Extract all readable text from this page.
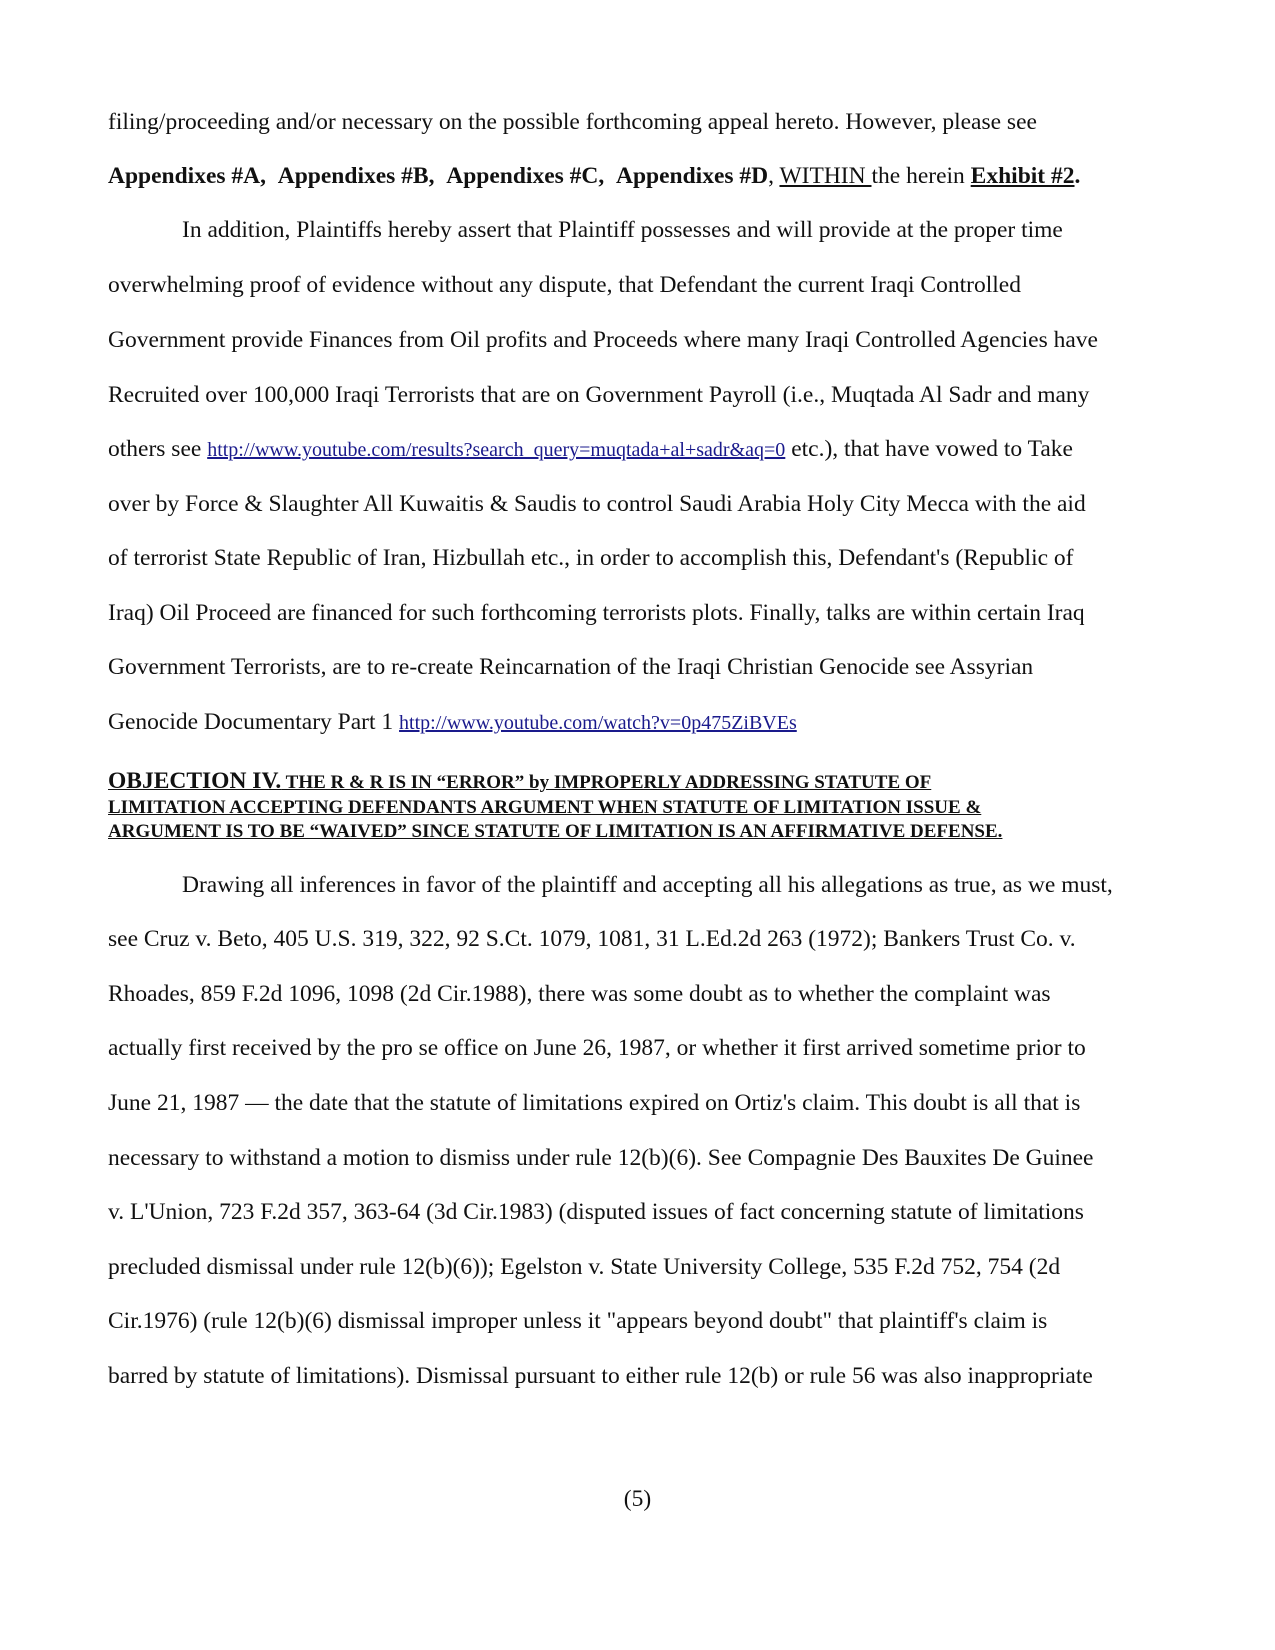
filing/proceeding and/or necessary on the possible forthcoming appeal hereto. However, please see
Appendixes #A, Appendixes #B, Appendixes #C, Appendixes #D, WITHIN the herein Exhibit #2.
In addition, Plaintiffs hereby assert that Plaintiff possesses and will provide at the proper time
overwhelming proof of evidence without any dispute, that Defendant the current Iraqi Controlled
Government provide Finances from Oil profits and Proceeds where many Iraqi Controlled Agencies have
Recruited over 100,000 Iraqi Terrorists that are on Government Payroll (i.e., Muqtada Al Sadr and many
others see http://www.youtube.com/results?search_query=muqtada+al+sadr&aq=0 etc.), that have vowed to Take
over by Force & Slaughter All Kuwaitis & Saudis to control Saudi Arabia Holy City Mecca with the aid
of terrorist State Republic of Iran, Hizbullah etc., in order to accomplish this, Defendant's (Republic of
Iraq) Oil Proceed are financed for such forthcoming terrorists plots. Finally, talks are within certain Iraq
Government Terrorists, are to re-create Reincarnation of the Iraqi Christian Genocide see Assyrian
Genocide Documentary Part 1 http://www.youtube.com/watch?v=0p475ZiBVEs
OBJECTION IV. THE R & R IS IN “ERROR” by IMPROPERLY ADDRESSING STATUTE OF
LIMITATION ACCEPTING DEFENDANTS ARGUMENT WHEN STATUTE OF LIMITATION ISSUE &
ARGUMENT IS TO BE “WAIVED” SINCE STATUTE OF LIMITATION IS AN AFFIRMATIVE DEFENSE.
Drawing all inferences in favor of the plaintiff and accepting all his allegations as true, as we must,
see Cruz v. Beto, 405 U.S. 319, 322, 92 S.Ct. 1079, 1081, 31 L.Ed.2d 263 (1972); Bankers Trust Co. v.
Rhoades, 859 F.2d 1096, 1098 (2d Cir.1988), there was some doubt as to whether the complaint was
actually first received by the pro se office on June 26, 1987, or whether it first arrived sometime prior to
June 21, 1987 — the date that the statute of limitations expired on Ortiz's claim. This doubt is all that is
necessary to withstand a motion to dismiss under rule 12(b)(6). See Compagnie Des Bauxites De Guinee
v. L'Union, 723 F.2d 357, 363-64 (3d Cir.1983) (disputed issues of fact concerning statute of limitations
precluded dismissal under rule 12(b)(6)); Egelston v. State University College, 535 F.2d 752, 754 (2d
Cir.1976) (rule 12(b)(6) dismissal improper unless it "appears beyond doubt" that plaintiff's claim is
barred by statute of limitations). Dismissal pursuant to either rule 12(b) or rule 56 was also inappropriate
(5)
